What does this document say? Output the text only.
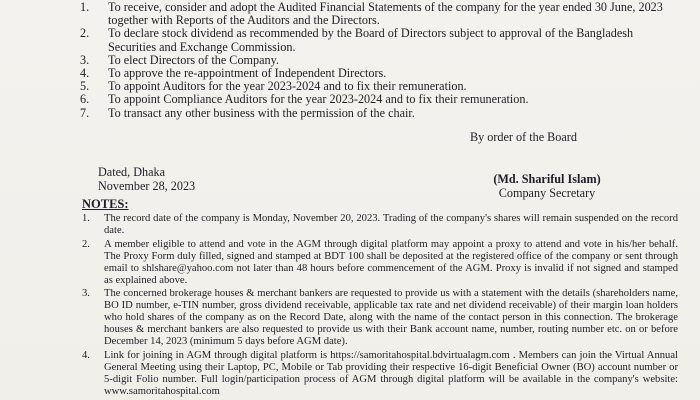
1.	To receive, consider and adopt the Audited Financial Statements of the company for the year ended 30 June, 2023 together with Reports of the Auditors and the Directors.
2.	To declare stock dividend as recommended by the Board of Directors subject to approval of the Bangladesh Securities and Exchange Commission.
3.	To elect Directors of the Company.
4.	To approve the re-appointment of Independent Directors.
5.	To appoint Auditors for the year 2023-2024 and to fix their remuneration.
6.	To appoint Compliance Auditors for the year 2023-2024 and to fix their remuneration.
7.	To transact any other business with the permission of the chair.
By order of the Board
Dated, Dhaka
November 28, 2023	(Md. Shariful Islam)
Company Secretary
NOTES:
1.	The record date of the company is Monday, November 20, 2023. Trading of the company's shares will remain suspended on the record date.
2.	A member eligible to attend and vote in the AGM through digital platform may appoint a proxy to attend and vote in his/her behalf. The Proxy Form duly filled, signed and stamped at BDT 100 shall be deposited at the registered office of the company or sent through email to shlshare@yahoo.com not later than 48 hours before commencement of the AGM. Proxy is invalid if not signed and stamped as explained above.
3.	The concerned brokerage houses & merchant bankers are requested to provide us with a statement with the details (shareholders name, BO ID number, e-TIN number, gross dividend receivable, applicable tax rate and net dividend receivable) of their margin loan holders who hold shares of the company as on the Record Date, along with the name of the contact person in this connection. The brokerage houses & merchant bankers are also requested to provide us with their Bank account name, number, routing number etc. on or before December 14, 2023 (minimum 5 days before AGM date).
4.	Link for joining in AGM through digital platform is https://samoritahospital.bdvirtualagm.com . Members can join the Virtual Annual General Meeting using their Laptop, PC, Mobile or Tab providing their respective 16-digit Beneficial Owner (BO) account number or 5-digit Folio number. Full login/participation process of AGM through digital platform will be available in the company's website: www.samoritahospital.com
